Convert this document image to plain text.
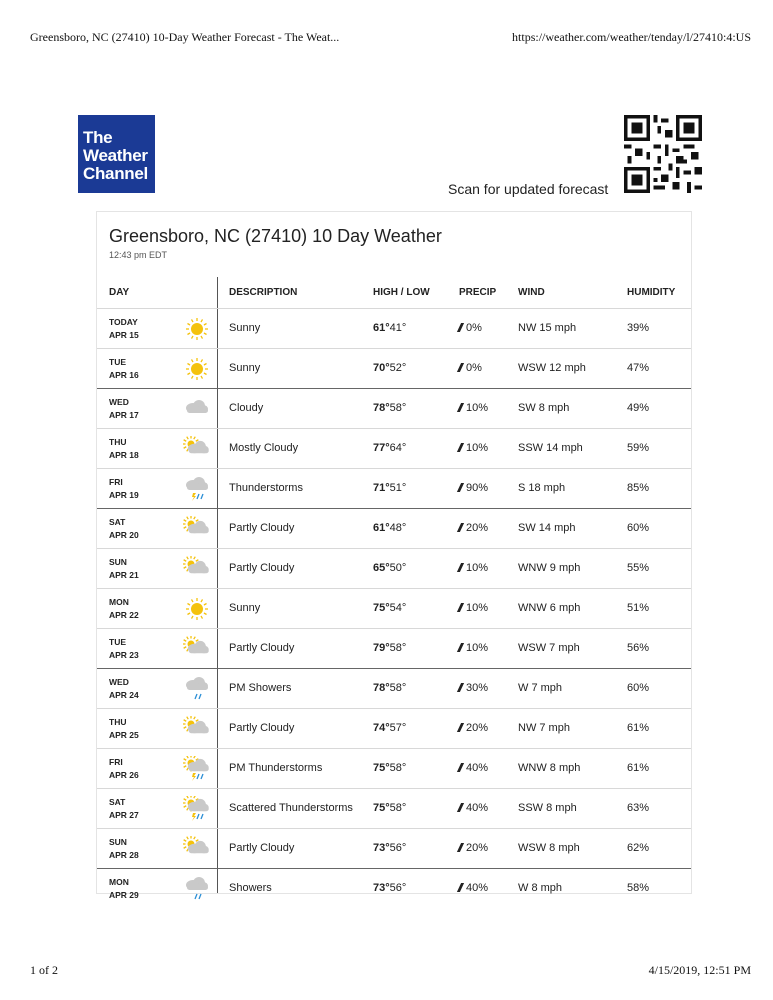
Greensboro, NC (27410) 10-Day Weather Forecast - The Weat...	https://weather.com/weather/tenday/l/27410:4:US
The
Weather
Channel
Scan for updated forecast
Greensboro, NC (27410) 10 Day Weather
12:43 pm EDT
DAY	DESCRIPTION	HIGH / LOW	PRECIP WIND	HUMIDITY
TODAY
APR 15
Sunny	61°41°	0%	NW 15 mph	39%
TUE
APR 16
Sunny	70°52°	0%	WSW 12 mph	47%
WED
APR 17
Cloudy	78°58°	10%	SW 8 mph	49%
THU
APR 18
Mostly Cloudy	77°64°	10%	SSW 14 mph	59%
FRI
APR 19
Thunderstorms	71°51°	90%	S 18 mph	85%
SAT
APR 20
Partly Cloudy	61°48°	20%	SW 14 mph	60%
SUN
APR 21
Partly Cloudy	65°50°	10%	WNW 9 mph	55%
MON
APR 22
Sunny	75°54°	10%	WNW 6 mph	51%
TUE
APR 23
Partly Cloudy	79°58°	10%	WSW 7 mph	56%
WED
APR 24
PM Showers	78°58°	30%	W 7 mph	60%
THU
APR 25
Partly Cloudy	74°57°	20%	NW 7 mph	61%
FRI
APR 26
PM Thunderstorms	75°58°	40%	WNW 8 mph	61%
SAT
APR 27
Scattered Thunderstorms 75°58°	40%	SSW 8 mph	63%
SUN
APR 28
Partly Cloudy	73°56°	20%	WSW 8 mph	62%
MON
APR 29
Showers	73°56°	40%	W 8 mph	58%
1 of 2	4/15/2019, 12:51 PM
